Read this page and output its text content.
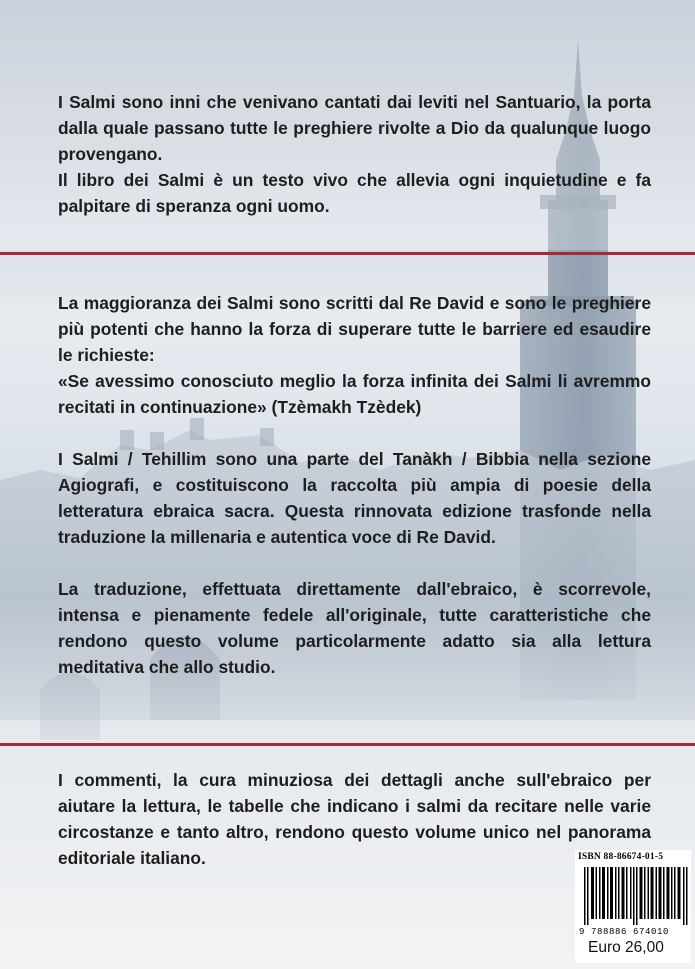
I Salmi sono inni che venivano cantati dai leviti nel Santuario, la porta dalla quale passano tutte le preghiere rivolte a Dio da qualunque luogo provengano.

Il libro dei Salmi è un testo vivo che allevia ogni inquietudine e fa palpitare di speranza ogni uomo.

La maggioranza dei Salmi sono scritti dal Re David e sono le preghiere più potenti che hanno la forza di superare tutte le barriere ed esaudire le richieste:

«Se avessimo conosciuto meglio la forza infinita dei Salmi li avremmo recitati in continuazione» (Tzèmakh Tzèdek)

I Salmi / Tehillim sono una parte del Tanàkh / Bibbia nella sezione Agiografi, e costituiscono la raccolta più ampia di poesie della letteratura ebraica sacra. Questa rinnovata edizione trasfonde nella traduzione la millenaria e autentica voce di Re David.

La traduzione, effettuata direttamente dall'ebraico, è scorrevole, intensa e pienamente fedele all'originale, tutte caratteristiche che rendono questo volume particolarmente adatto sia alla lettura meditativa che allo studio.

I commenti, la cura minuziosa dei dettagli anche sull'ebraico per aiutare la lettura, le tabelle che indicano i salmi da recitare nelle varie circostanze e tanto altro, rendono questo volume unico nel panorama editoriale italiano.	ISBN 88-86674-01-5
9 788886 674010
Euro 26,00
